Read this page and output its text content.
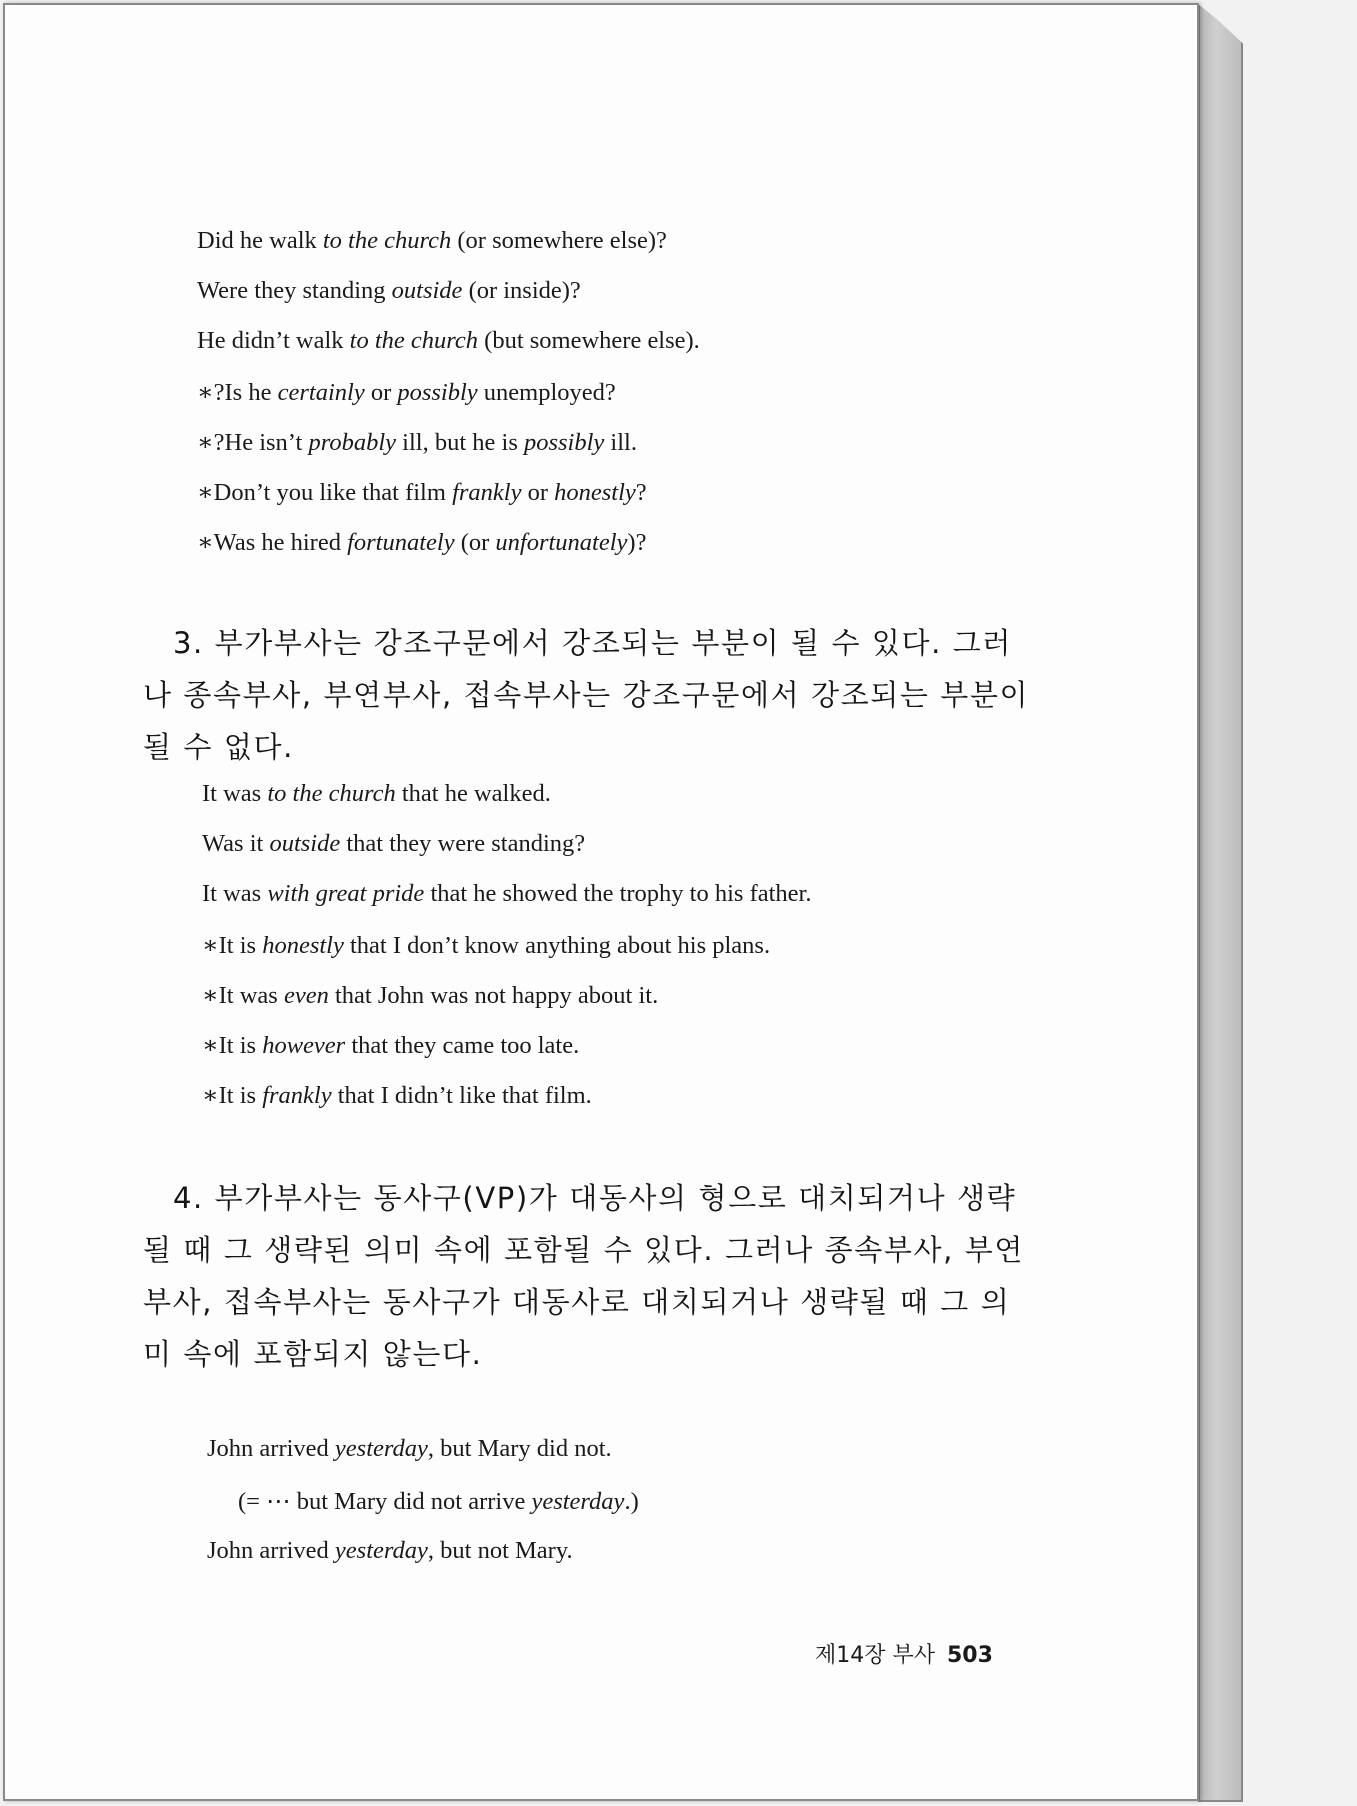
Did he walk to the church (or somewhere else)?
Were they standing outside (or inside)?
He didn’t walk to the church (but somewhere else).
∗?Is he certainly or possibly unemployed?
∗?He isn’t probably ill, but he is possibly ill.
∗Don’t you like that film frankly or honestly?
∗Was he hired fortunately (or unfortunately)?
3. 부가부사는 강조구문에서 강조되는 부분이 될 수 있다. 그러나 종속부사, 부연부사, 접속부사는 강조구문에서 강조되는 부분이 될 수 없다.
It was to the church that he walked.
Was it outside that they were standing?
It was with great pride that he showed the trophy to his father.
∗It is honestly that I don’t know anything about his plans.
∗It was even that John was not happy about it.
∗It is however that they came too late.
∗It is frankly that I didn’t like that film.
4. 부가부사는 동사구(VP)가 대동사의 형으로 대치되거나 생략될 때 그 생략된 의미 속에 포함될 수 있다. 그러나 종속부사, 부연부사, 접속부사는 동사구가 대동사로 대치되거나 생략될 때 그 의미 속에 포함되지 않는다.
John arrived yesterday, but Mary did not.
(= ⋯ but Mary did not arrive yesterday.)
John arrived yesterday, but not Mary.
제14장 부사 503
